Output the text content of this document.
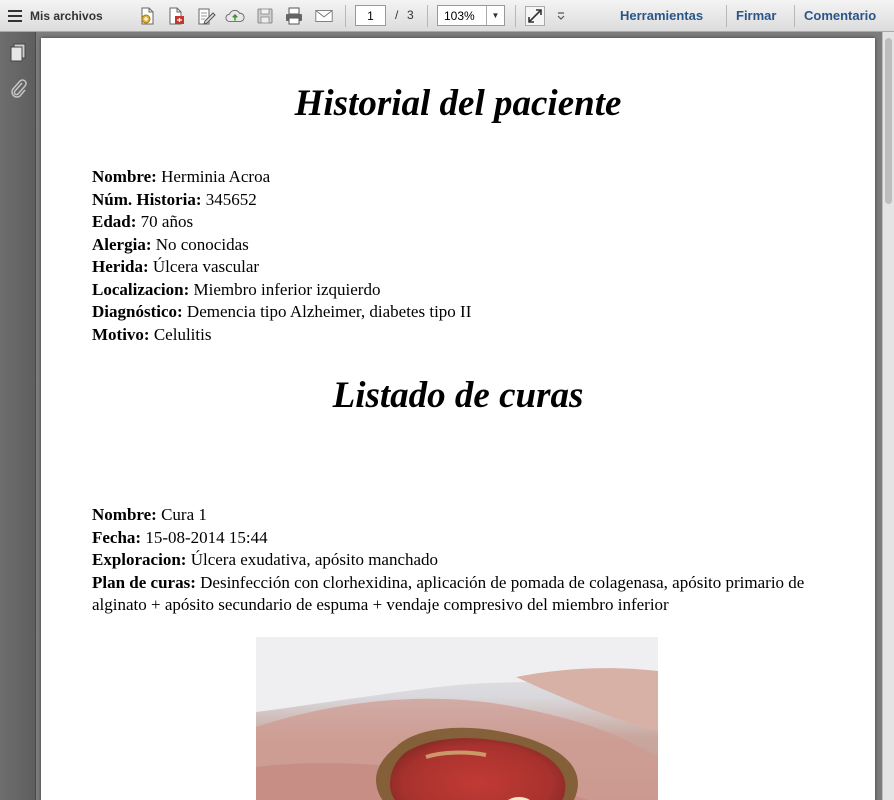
Mis archivos
1	/ 3	103%	▼	Herramientas	Firmar Comentario
Historial del paciente
Nombre: Herminia Acroa
Núm. Historia: 345652
Edad: 70 años
Alergia: No conocidas
Herida: Úlcera vascular
Localizacion: Miembro inferior izquierdo
Diagnóstico: Demencia tipo Alzheimer, diabetes tipo II
Motivo: Celulitis
Listado de curas
Nombre: Cura 1
Fecha: 15-08-2014 15:44
Exploracion: Úlcera exudativa, apósito manchado
Plan de curas: Desinfección con clorhexidina, aplicación de pomada de colagenasa, apósito primario de alginato + apósito secundario de espuma + vendaje compresivo del miembro inferior
